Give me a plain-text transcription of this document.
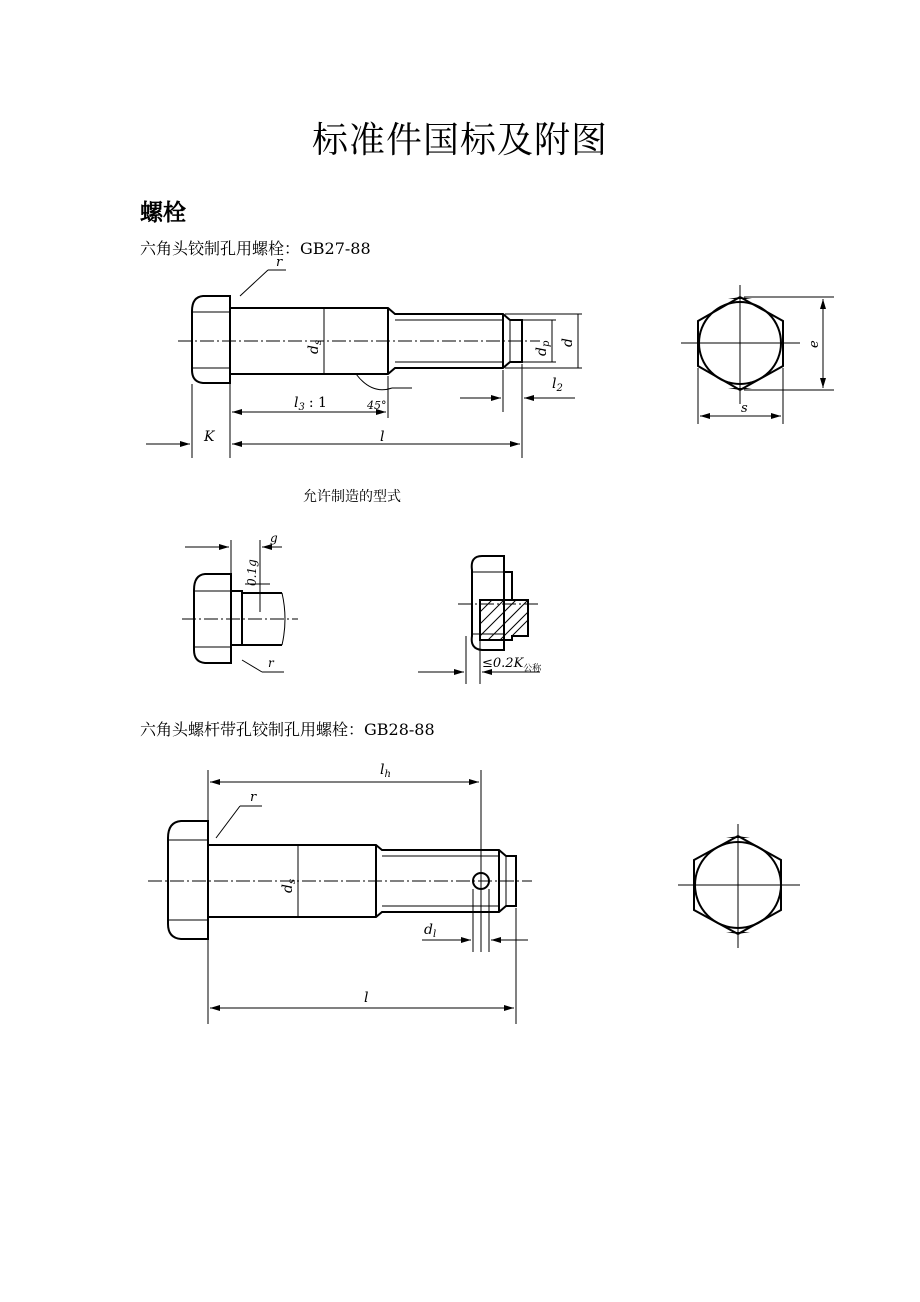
标准件国标及附图
螺栓
六角头铰制孔用螺栓：GB27-88
r
$d_s$
$d_p$ d
$l_3$ : 1	45°
$l_2$
K	l
e
s
允许制造的型式
g
0.1g
r	$\le 0.2K_{公称}$
六角头螺杆带孔铰制孔用螺栓：GB28-88
$l_h$
r
$d_s$
$d_l$
l
